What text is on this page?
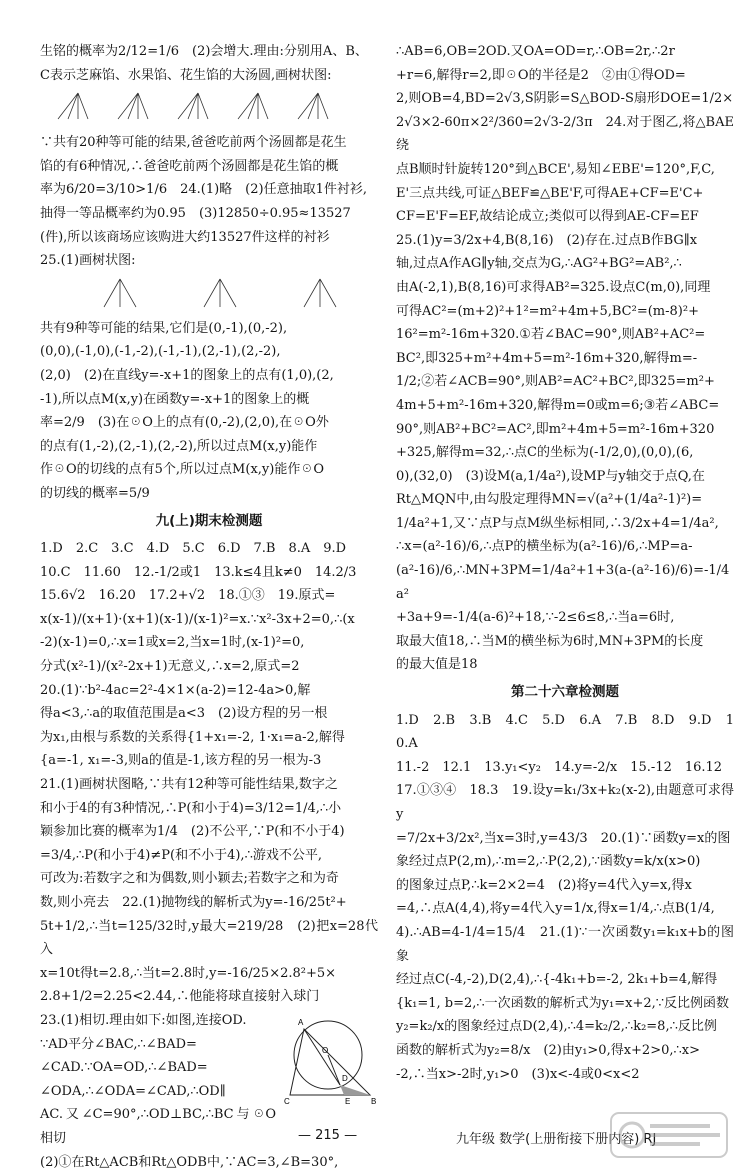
生铭的概率为2/12=1/6　(2)会增大.理由:分别用A、B、
C表示芝麻馅、水果馅、花生馅的大汤圆,画树状图:
∵共有20种等可能的结果,爸爸吃前两个汤圆都是花生
馅的有6种情况,∴爸爸吃前两个汤圆都是花生馅的概
率为6/20=3/10>1/6　24.(1)略　(2)任意抽取1件衬衫,
抽得一等品概率约为0.95　(3)12850÷0.95≈13527
(件),所以该商场应该购进大约13527件这样的衬衫
25.(1)画树状图:
共有9种等可能的结果,它们是(0,-1),(0,-2),
(0,0),(-1,0),(-1,-2),(-1,-1),(2,-1),(2,-2),
(2,0)　(2)在直线y=-x+1的图象上的点有(1,0),(2,
-1),所以点M(x,y)在函数y=-x+1的图象上的概
率=2/9　(3)在☉O上的点有(0,-2),(2,0),在☉O外
的点有(1,-2),(2,-1),(2,-2),所以过点M(x,y)能作
作☉O的切线的点有5个,所以过点M(x,y)能作☉O
的切线的概率=5/9
九(上)期末检测题
1.D　2.C　3.C　4.D　5.C　6.D　7.B　8.A　9.D
10.C　11.60　12.-1/2或1　13.k≤4且k≠0　14.2/3
15.6√2　16.20　17.2+√2　18.①③　19.原式=
x(x-1)/(x+1)·(x+1)(x-1)/(x-1)²=x.∵x²-3x+2=0,∴(x
-2)(x-1)=0,∴x=1或x=2,当x=1时,(x-1)²=0,
分式(x²-1)/(x²-2x+1)无意义,∴x=2,原式=2
20.(1)∵b²-4ac=2²-4×1×(a-2)=12-4a>0,解
得a<3,∴a的取值范围是a<3　(2)设方程的另一根
为x₁,由根与系数的关系得{1+x₁=-2, 1·x₁=a-2,解得
{a=-1, x₁=-3,则a的值是-1,该方程的另一根为-3
21.(1)画树状图略,∵共有12种等可能性结果,数字之
和小于4的有3种情况,∴P(和小于4)=3/12=1/4,∴小
颖参加比赛的概率为1/4　(2)不公平,∵P(和不小于4)
=3/4,∴P(和小于4)≠P(和不小于4),∴游戏不公平,
可改为:若数字之和为偶数,则小颖去;若数字之和为奇
数,则小亮去　22.(1)抛物线的解析式为y=-16/25t²+
5t+1/2,∴当t=125/32时,y最大=219/28　(2)把x=28代入
x=10t得t=2.8,∴当t=2.8时,y=-16/25×2.8²+5×
2.8+1/2=2.25<2.44,∴他能将球直接射入球门
A
B
C
D
E
O
23.(1)相切.理由如下:如图,连接OD.
∵AD平分∠BAC,∴∠BAD=
∠CAD.∵OA=OD,∴∠BAD=
∠ODA,∴∠ODA=∠CAD,∴OD∥
AC.又∠C=90°,∴OD⊥BC,∴BC与☉O相切
(2)①在Rt△ACB和Rt△ODB中,∵AC=3,∠B=30°,
∴AB=6,OB=2OD.又OA=OD=r,∴OB=2r,∴2r
+r=6,解得r=2,即☉O的半径是2　②由①得OD=
2,则OB=4,BD=2√3,S阴影=S△BOD-S扇形DOE=1/2×
2√3×2-60π×2²/360=2√3-2/3π　24.对于图乙,将△BAE绕
点B顺时针旋转120°到△BCE',易知∠EBE'=120°,F,C,
E'三点共线,可证△BEF≌△BE'F,可得AE+CF=E'C+
CF=E'F=EF,故结论成立;类似可以得到AE-CF=EF
25.(1)y=3/2x+4,B(8,16)　(2)存在.过点B作BG∥x
轴,过点A作AG∥y轴,交点为G,∴AG²+BG²=AB²,∴
由A(-2,1),B(8,16)可求得AB²=325.设点C(m,0),同理
可得AC²=(m+2)²+1²=m²+4m+5,BC²=(m-8)²+
16²=m²-16m+320.①若∠BAC=90°,则AB²+AC²=
BC²,即325+m²+4m+5=m²-16m+320,解得m=-
1/2;②若∠ACB=90°,则AB²=AC²+BC²,即325=m²+
4m+5+m²-16m+320,解得m=0或m=6;③若∠ABC=
90°,则AB²+BC²=AC²,即m²+4m+5=m²-16m+320
+325,解得m=32,∴点C的坐标为(-1/2,0),(0,0),(6,
0),(32,0)　(3)设M(a,1/4a²),设MP与y轴交于点Q,在
Rt△MQN中,由勾股定理得MN=√(a²+(1/4a²-1)²)=
1/4a²+1,又∵点P与点M纵坐标相同,∴3/2x+4=1/4a²,
∴x=(a²-16)/6,∴点P的横坐标为(a²-16)/6,∴MP=a-
(a²-16)/6,∴MN+3PM=1/4a²+1+3(a-(a²-16)/6)=-1/4a²
+3a+9=-1/4(a-6)²+18,∵-2≤6≤8,∴当a=6时,
取最大值18,∴当M的横坐标为6时,MN+3PM的长度
的最大值是18
第二十六章检测题
1.D　2.B　3.B　4.C　5.D　6.A　7.B　8.D　9.D　10.A
11.-2　12.1　13.y₁<y₂　14.y=-2/x　15.-12　16.12
17.①③④　18.3　19.设y=k₁/3x+k₂(x-2),由题意可求得y
=7/2x+3/2x²,当x=3时,y=43/3　20.(1)∵函数y=x的图
象经过点P(2,m),∴m=2,∴P(2,2),∵函数y=k/x(x>0)
的图象过点P,∴k=2×2=4　(2)将y=4代入y=x,得x
=4,∴点A(4,4),将y=4代入y=1/x,得x=1/4,∴点B(1/4,
4).∴AB=4-1/4=15/4　21.(1)∵一次函数y₁=k₁x+b的图象
经过点C(-4,-2),D(2,4),∴{-4k₁+b=-2, 2k₁+b=4,解得
{k₁=1, b=2,∴一次函数的解析式为y₁=x+2,∵反比例函数
y₂=k₂/x的图象经过点D(2,4),∴4=k₂/2,∴k₂=8,∴反比例
函数的解析式为y₂=8/x　(2)由y₁>0,得x+2>0,∴x>
-2,∴当x>-2时,y₁>0　(3)x<-4或0<x<2
— 215 —	九年级 数学(上册衔接下册内容) RJ
